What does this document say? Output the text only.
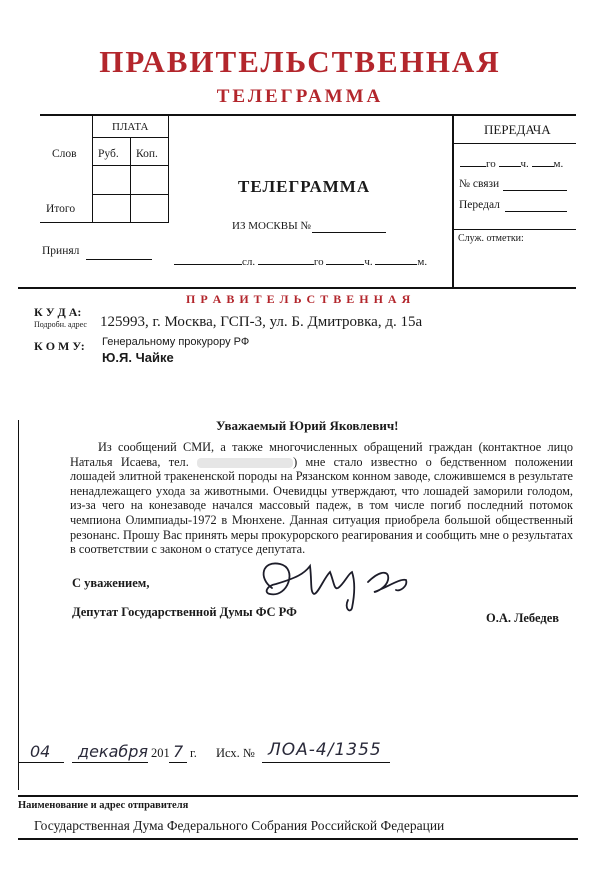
ПРАВИТЕЛЬСТВЕННАЯ
ТЕЛЕГРАММА
ПЛАТА
Слов Руб. Коп.
Итого
Принял
ТЕЛЕГРАММА
ИЗ МОСКВЫ №
сл.	го	ч.	м.
ПЕРЕДАЧА
го ч. м.
№ связи
Передал
Служ. отметки:
П Р А В И Т Е Л Ь С Т В Е Н Н А Я
К У Д А:
Подробн. адрес 125993, г. Москва, ГСП-3, ул. Б. Дмитровка, д. 15а
К О М У: Генеральному прокурору РФ
Ю.Я. Чайке
Уважаемый Юрий Яковлевич!
Из сообщений СМИ, а также многочисленных обращений граждан (контактное лицо Наталья Исаева, тел.	) мне стало известно о бедственном положении лошадей элитной тракененской породы на Рязанском конном заводе, сложившемся в результате ненадлежащего ухода за животными. Очевидцы утверждают, что лошадей заморили голодом, из-за чего на конезаводе начался массовый падеж, в том числе погиб последний потомок чемпиона Олимпиады-1972 в Мюнхене. Данная ситуация приобрела большой общественный резонанс. Прошу Вас принять меры прокурорского реагирования и сообщить мне о результатах в соответствии с законом о статусе депутата.
С уважением,
Депутат Государственной Думы ФС РФ	О.А. Лебедев
04 декабря 201 7 г. Исх. № ЛОА-4/1355
Наименование и адрес отправителя
Государственная Дума Федерального Собрания Российской Федерации
